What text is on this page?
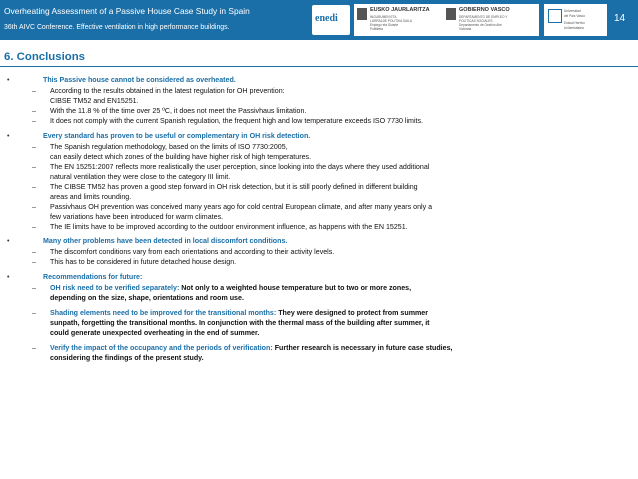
Overheating Assessment of a Passive House Case Study in Spain
36th AIVC Conference. Effective ventilation in high performance buildings.
enedi
EUSKO JAURLARITZA
INGURUMEN ETA
LURRALDE POLITIKA SAILA
Enplegu eta Gizarte
Politiketa
GOBIERNO VASCO
DEPARTAMENTO DE EMPLEO Y
POLITICAS SOCIALES
Departamento de Gestión Aire
Vivienda
Universidad
del País Vasco
Euskal Herriko
Unibertsitatea
14
6. Conclusions
•	This Passive house cannot be considered as overheated.
– According to the results obtained in the latest regulation for OH prevention:
CIBSE TM52 and EN15251.
– With the 11.8 % of the time over 25 ºC, it does not meet the Passivhaus limitation.
– It does not comply with the current Spanish regulation, the frequent high and low temperature exceeds ISO 7730 limits.
•	Every standard has proven to be useful or complementary in OH risk detection.
– The Spanish regulation methodology, based on the limits of ISO 7730:2005,
can easily detect which zones of the building have higher risk of high temperatures.
– The EN 15251:2007 reflects more realistically the user perception, since looking into the days where they used additional
natural ventilation they were close to the category III limit.
– The CIBSE TM52 has proven a good step forward in OH risk detection, but it is still poorly defined in different building
areas and limits rounding.
– Passivhaus OH prevention was conceived many years ago for cold central European climate, and after many years only a
few variations have been introduced for warm climates.
– The IE limits have to be improved according to the outdoor environment influence, as happens with the EN 15251.
•	Many other problems have been detected in local discomfort conditions.
– The discomfort conditions vary from each orientations and according to their activity levels.
– This has to be considered in future detached house design.
•	Recommendations for future:
– OH risk need to be verified separately: Not only to a weighted house temperature but to two or more zones,
depending on the size, shape, orientations and room use.
– Shading elements need to be improved for the transitional months: They were designed to protect from summer
sunpath, forgetting the transitional months. In conjunction with the thermal mass of the building after summer, it
could generate unexpected overheating in the end of summer.
– Verify the impact of the occupancy and the periods of verification: Further research is necessary in future case studies,
considering the findings of the present study.
